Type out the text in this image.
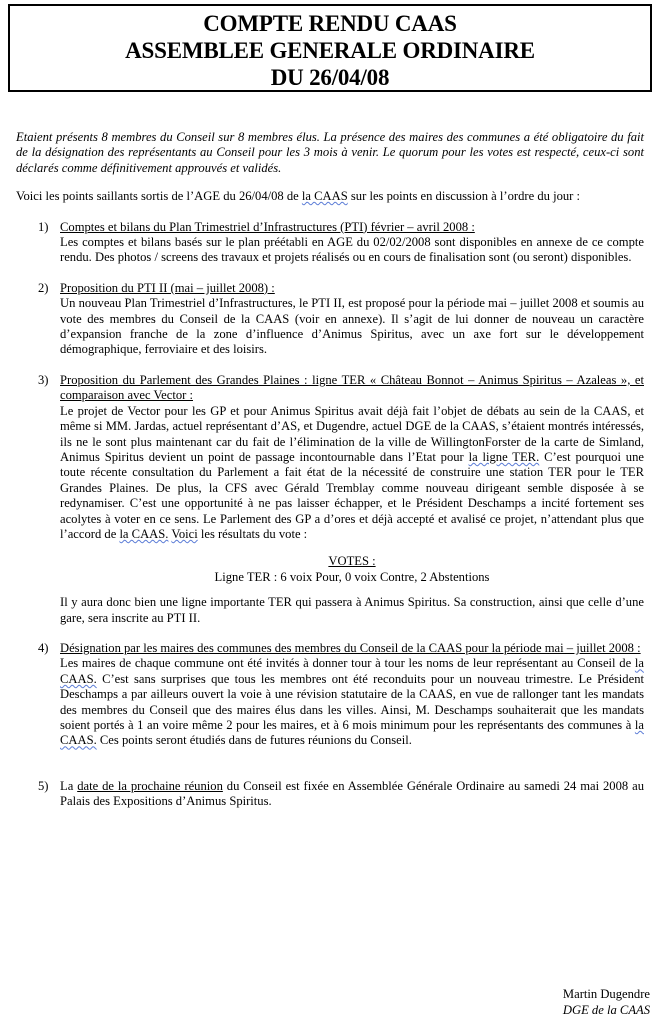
COMPTE RENDU CAAS
ASSEMBLEE GENERALE ORDINAIRE
DU 26/04/08

Etaient présents 8 membres du Conseil sur 8 membres élus. La présence des maires des communes a été obligatoire du fait de la désignation des représentants au Conseil pour les 3 mois à venir. Le quorum pour les votes est respecté, ceux-ci sont déclarés comme définitivement approuvés et validés.

Voici les points saillants sortis de l’AGE du 26/04/08 de la CAAS sur les points en discussion à l’ordre du jour :

1) Comptes et bilans du Plan Trimestriel d’Infrastructures (PTI) février – avril 2008 :

Les comptes et bilans basés sur le plan préétabli en AGE du 02/02/2008 sont disponibles en annexe de ce compte rendu. Des photos / screens des travaux et projets réalisés ou en cours de finalisation sont (ou seront) disponibles.

2) Proposition du PTI II (mai – juillet 2008) :

Un nouveau Plan Trimestriel d’Infrastructures, le PTI II, est proposé pour la période mai – juillet 2008 et soumis au vote des membres du Conseil de la CAAS (voir en annexe). Il s’agit de lui donner de nouveau un caractère d’expansion franche de la zone d’influence d’Animus Spiritus, avec un axe fort sur le développement démographique, ferroviaire et des loisirs.

3) Proposition du Parlement des Grandes Plaines : ligne TER « Château Bonnot – Animus Spiritus – Azaleas », et comparaison avec Vector :

Le projet de Vector pour les GP et pour Animus Spiritus avait déjà fait l’objet de débats au sein de la CAAS, et même si MM. Jardas, actuel représentant d’AS, et Dugendre, actuel DGE de la CAAS, s’étaient montrés intéressés, ils ne le sont plus maintenant car du fait de l’élimination de la ville de WillingtonForster de la carte de Simland, Animus Spiritus devient un point de passage incontournable dans l’Etat pour la ligne TER. C’est pourquoi une toute récente consultation du Parlement a fait état de la nécessité de construire une station TER pour le TER Grandes Plaines. De plus, la CFS avec Gérald Tremblay comme nouveau dirigeant semble disposée à se redynamiser. C’est une opportunité à ne pas laisser échapper, et le Président Deschamps a incité fortement ses acolytes à voter en ce sens. Le Parlement des GP a d’ores et déjà accepté et avalisé ce projet, n’attendant plus que l’accord de la CAAS. Voici les résultats du vote :

VOTES :
Ligne TER : 6 voix Pour, 0 voix Contre, 2 Abstentions

Il y aura donc bien une ligne importante TER qui passera à Animus Spiritus. Sa construction, ainsi que celle d’une gare, sera inscrite au PTI II.

4) Désignation par les maires des communes des membres du Conseil de la CAAS pour la période mai – juillet 2008 :

Les maires de chaque commune ont été invités à donner tour à tour les noms de leur représentant au Conseil de la CAAS. C’est sans surprises que tous les membres ont été reconduits pour un nouveau trimestre. Le Président Deschamps a par ailleurs ouvert la voie à une révision statutaire de la CAAS, en vue de rallonger tant les mandats des membres du Conseil que des maires élus dans les villes. Ainsi, M. Deschamps souhaiterait que les mandats soient portés à 1 an voire même 2 pour les maires, et à 6 mois minimum pour les représentants des communes à la CAAS. Ces points seront étudiés dans de futures réunions du Conseil.

5) La date de la prochaine réunion du Conseil est fixée en Assemblée Générale Ordinaire au samedi 24 mai 2008 au Palais des Expositions d’Animus Spiritus.

Martin Dugendre
DGE de la CAAS
